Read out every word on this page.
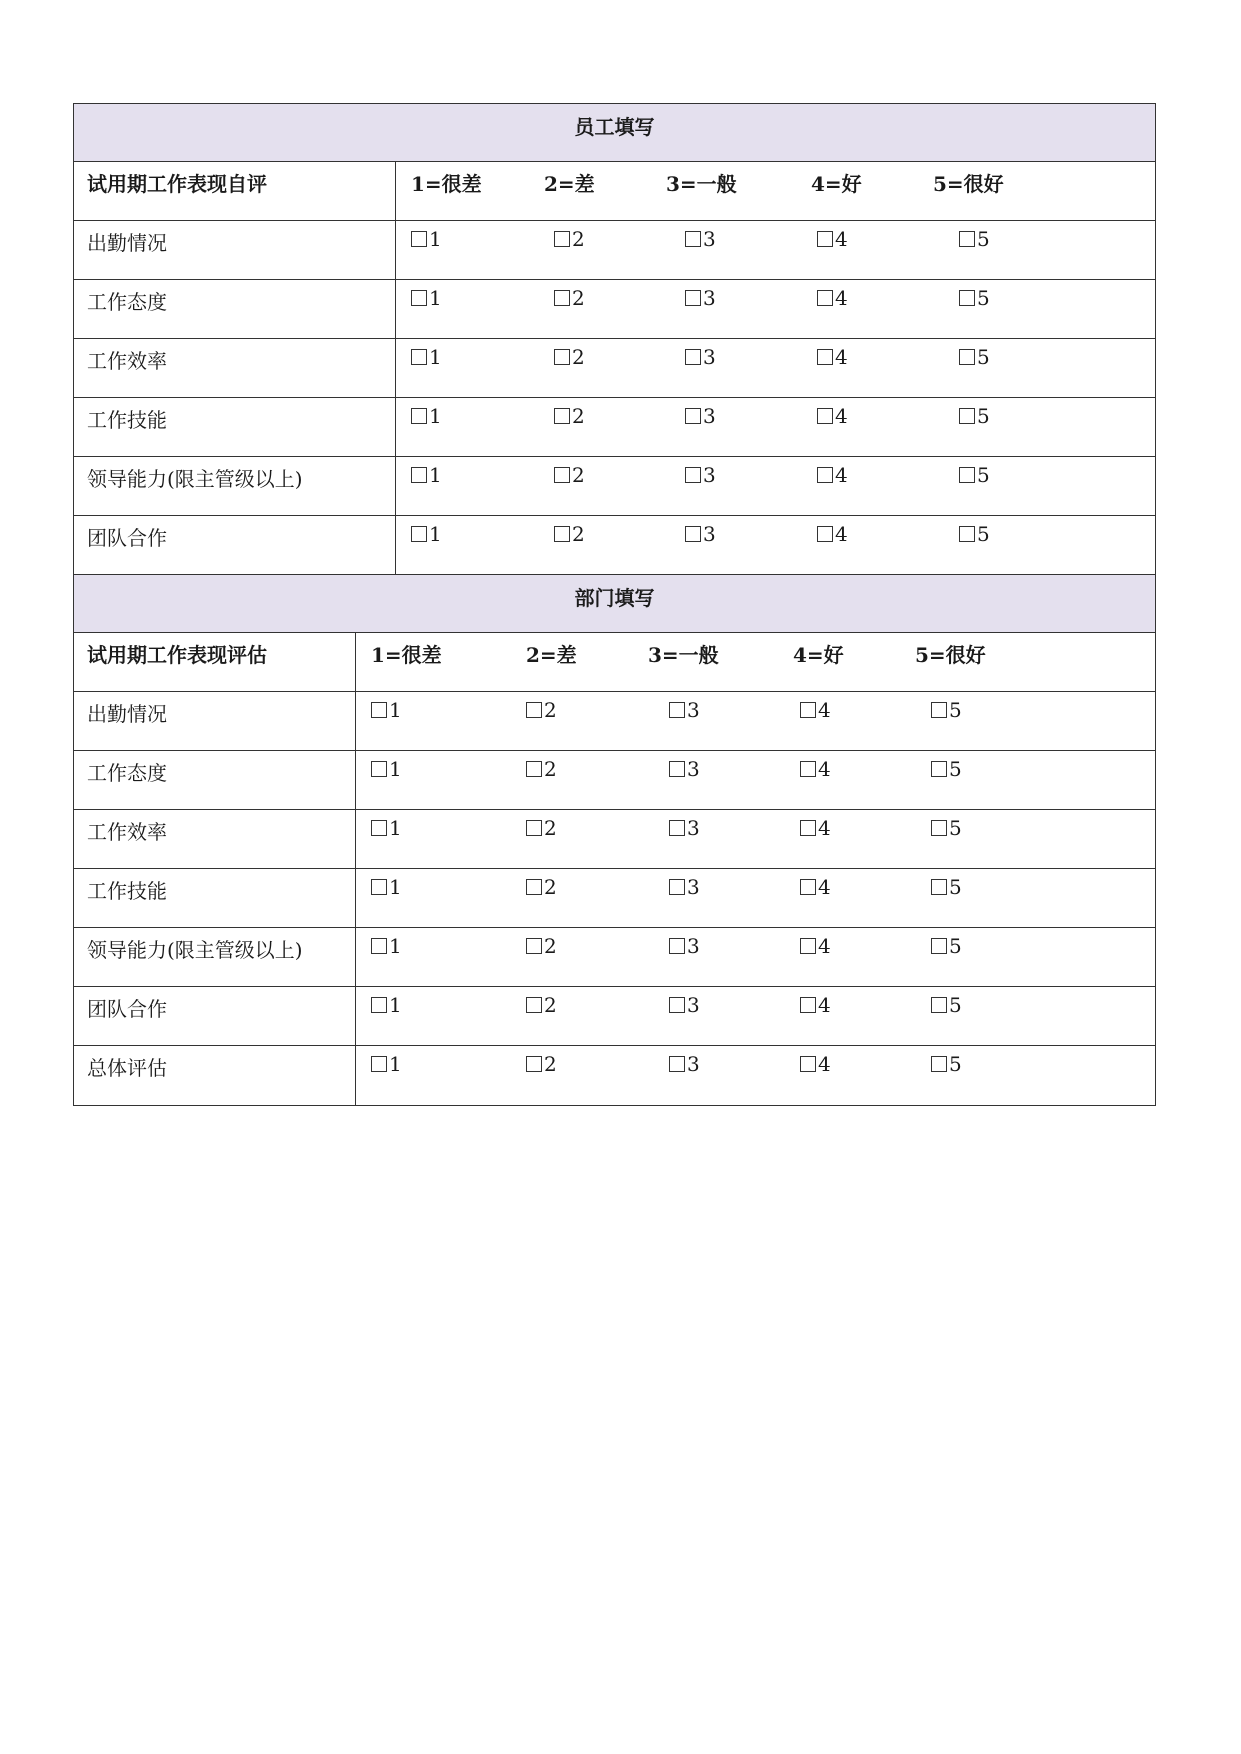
员工填写
试用期工作表现自评	1=很差	2=差	3=一般	4=好	5=很好
出勤情况	1	2	3	4	5
工作态度	1	2	3	4	5
工作效率	1	2	3	4	5
工作技能	1	2	3	4	5
领导能力(限主管级以上)	1	2	3	4	5
团队合作	1	2	3	4	5
部门填写
试用期工作表现评估	1=很差	2=差	3=一般	4=好	5=很好
出勤情况	1	2	3	4	5
工作态度	1	2	3	4	5
工作效率	1	2	3	4	5
工作技能	1	2	3	4	5
领导能力(限主管级以上)	1	2	3	4	5
团队合作	1	2	3	4	5
总体评估	1	2	3	4	5
